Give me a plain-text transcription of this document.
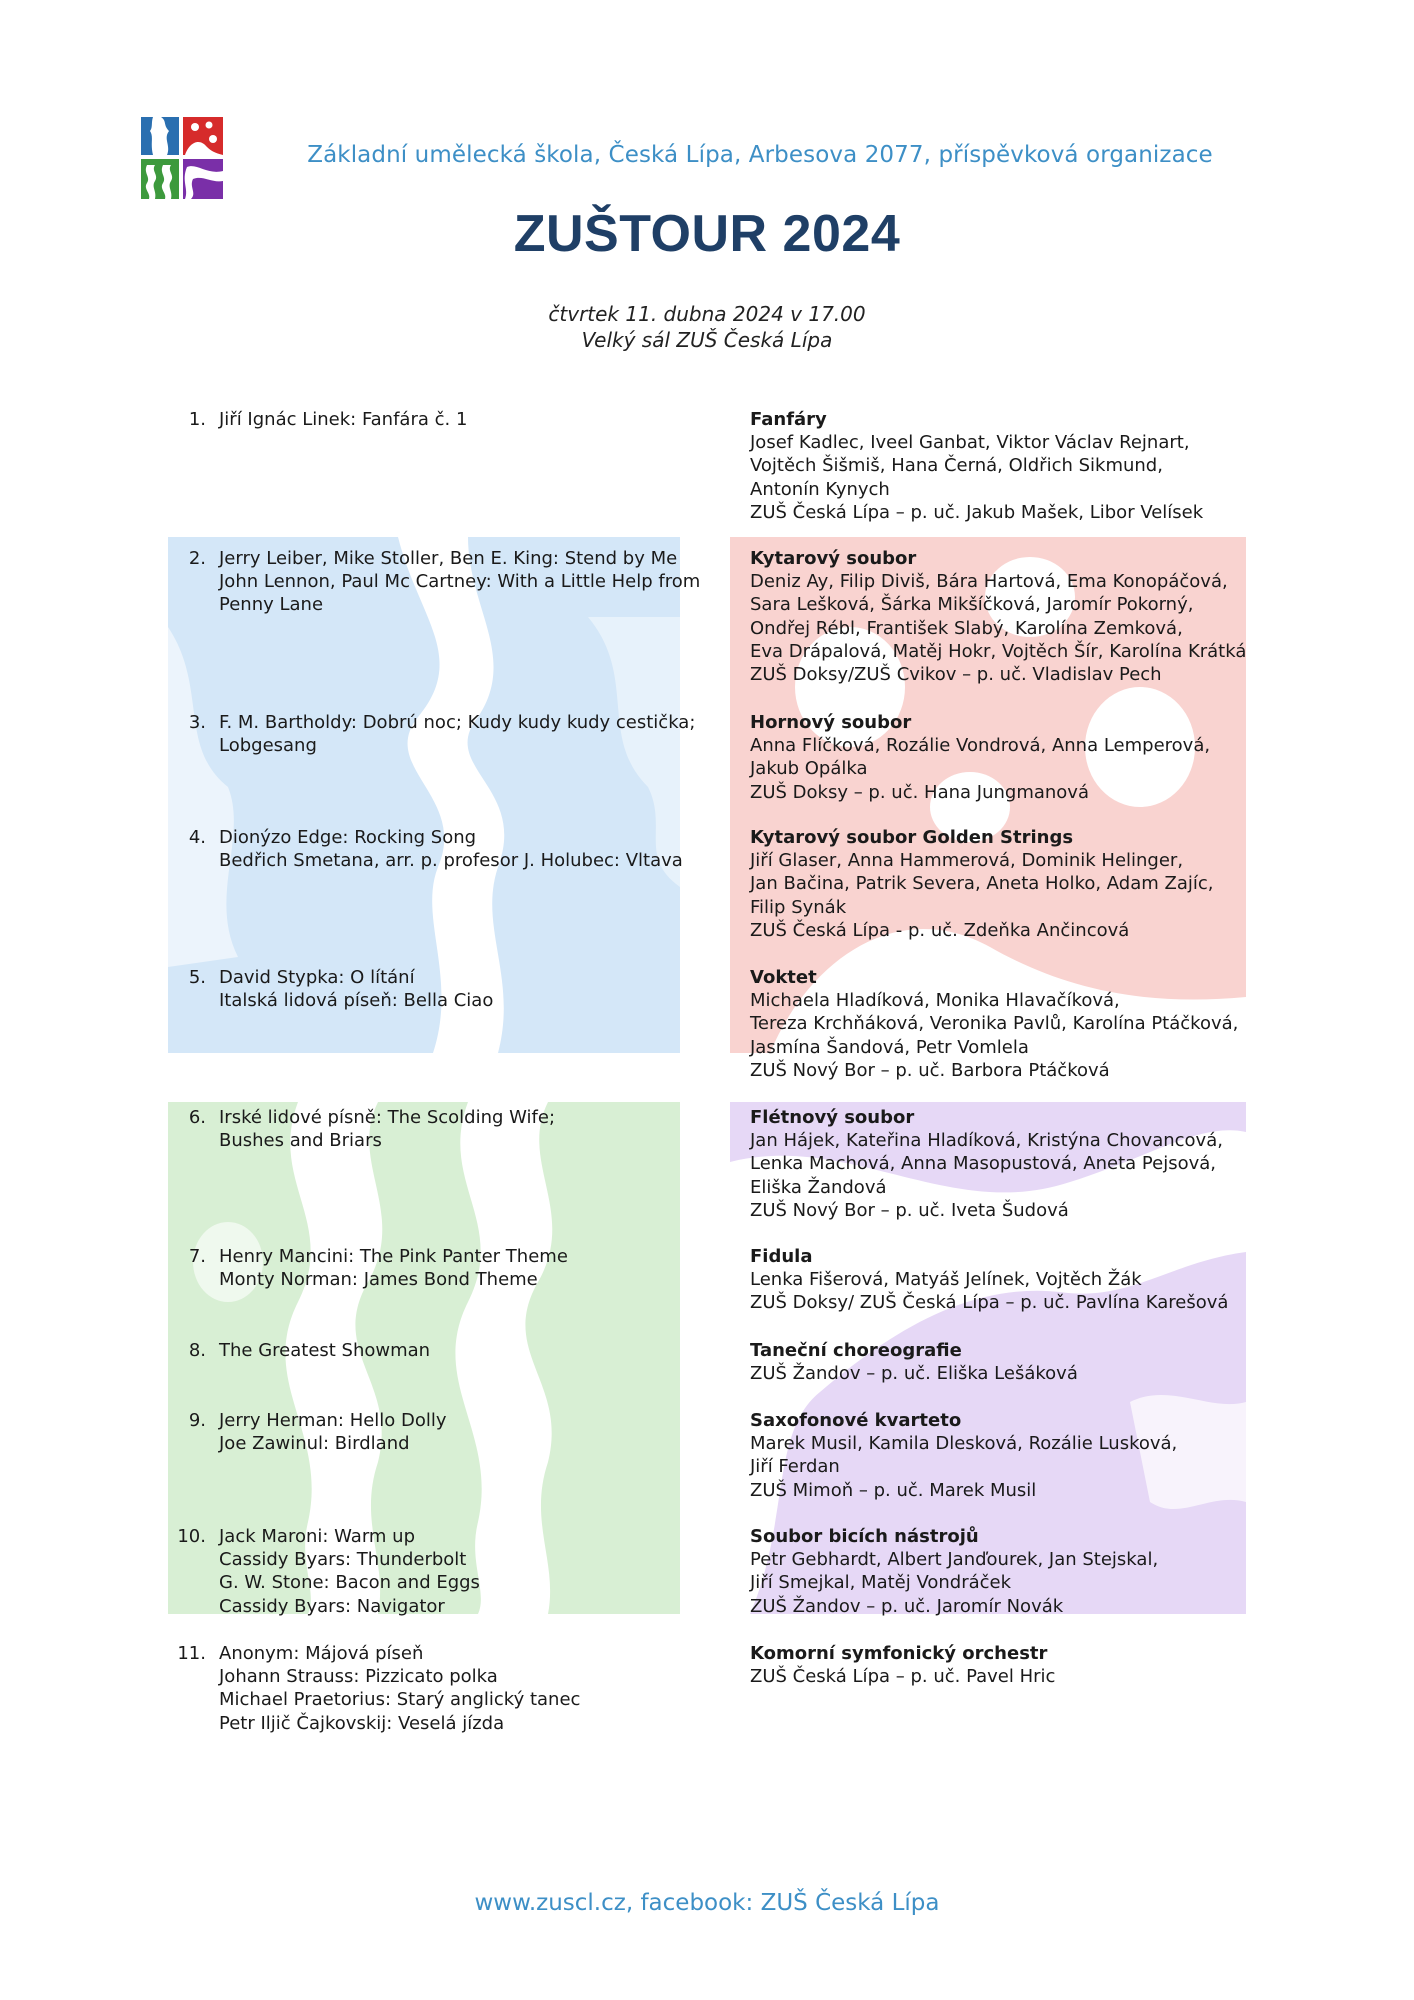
Základní umělecká škola, Česká Lípa, Arbesova 2077, příspěvková organizace
ZUŠTOUR 2024
čtvrtek 11. dubna 2024 v 17.00
Velký sál ZUŠ Česká Lípa
1. Jiří Ignác Linek: Fanfára č. 1	Fanfáry
Josef Kadlec, Iveel Ganbat, Viktor Václav Rejnart,
Vojtěch Šišmiš, Hana Černá, Oldřich Sikmund,
Antonín Kynych
ZUŠ Česká Lípa – p. uč. Jakub Mašek, Libor Velísek
2. Jerry Leiber, Mike Stoller, Ben E. King: Stend by Me
John Lennon, Paul Mc Cartney: With a Little Help from
Penny Lane
Kytarový soubor
Deniz Ay, Filip Diviš, Bára Hartová, Ema Konopáčová,
Sara Lešková, Šárka Mikšíčková, Jaromír Pokorný,
Ondřej Rébl, František Slabý, Karolína Zemková,
Eva Drápalová, Matěj Hokr, Vojtěch Šír, Karolína Krátká
ZUŠ Doksy/ZUŠ Cvikov – p. uč. Vladislav Pech
3. F. M. Bartholdy: Dobrú noc; Kudy kudy kudy cestička;
Lobgesang
Hornový soubor
Anna Flíčková, Rozálie Vondrová, Anna Lemperová,
Jakub Opálka
ZUŠ Doksy – p. uč. Hana Jungmanová
4. Dionýzo Edge: Rocking Song
Bedřich Smetana, arr. p. profesor J. Holubec: Vltava
Kytarový soubor Golden Strings
Jiří Glaser, Anna Hammerová, Dominik Helinger,
Jan Bačina, Patrik Severa, Aneta Holko, Adam Zajíc,
Filip Synák
ZUŠ Česká Lípa - p. uč. Zdeňka Ančincová
5. David Stypka: O lítání
Italská lidová píseň: Bella Ciao
Voktet
Michaela Hladíková, Monika Hlavačíková,
Tereza Krchňáková, Veronika Pavlů, Karolína Ptáčková,
Jasmína Šandová, Petr Vomlela
ZUŠ Nový Bor – p. uč. Barbora Ptáčková
6. Irské lidové písně: The Scolding Wife;
Bushes and Briars
Flétnový soubor
Jan Hájek, Kateřina Hladíková, Kristýna Chovancová,
Lenka Machová, Anna Masopustová, Aneta Pejsová,
Eliška Žandová
ZUŠ Nový Bor – p. uč. Iveta Šudová
7. Henry Mancini: The Pink Panter Theme
Monty Norman: James Bond Theme
Fidula
Lenka Fišerová, Matyáš Jelínek, Vojtěch Žák
ZUŠ Doksy/ ZUŠ Česká Lípa – p. uč. Pavlína Karešová
8. The Greatest Showman	Taneční choreografie
ZUŠ Žandov – p. uč. Eliška Lešáková
9. Jerry Herman: Hello Dolly
Joe Zawinul: Birdland
Saxofonové kvarteto
Marek Musil, Kamila Dlesková, Rozálie Lusková,
Jiří Ferdan
ZUŠ Mimoň – p. uč. Marek Musil
10. Jack Maroni: Warm up
Cassidy Byars: Thunderbolt
G. W. Stone: Bacon and Eggs
Cassidy Byars: Navigator
Soubor bicích nástrojů
Petr Gebhardt, Albert Janďourek, Jan Stejskal,
Jiří Smejkal, Matěj Vondráček
ZUŠ Žandov – p. uč. Jaromír Novák
11. Anonym: Májová píseň
Johann Strauss: Pizzicato polka
Michael Praetorius: Starý anglický tanec
Petr Iljič Čajkovskij: Veselá jízda
Komorní symfonický orchestr
ZUŠ Česká Lípa – p. uč. Pavel Hric
www.zuscl.cz, facebook: ZUŠ Česká Lípa
